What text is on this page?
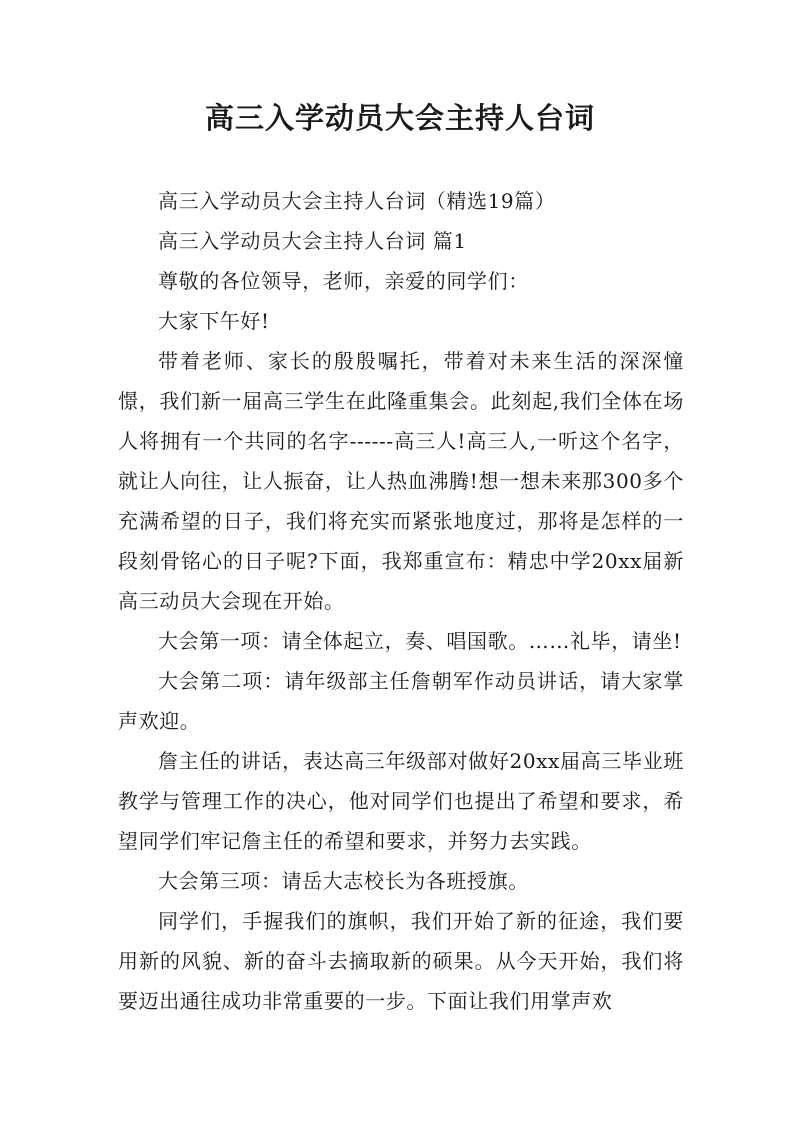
高三入学动员大会主持人台词

高三入学动员大会主持人台词（精选19篇）

高三入学动员大会主持人台词 篇1

尊敬的各位领导，老师，亲爱的同学们：

大家下午好!

带着老师、家长的殷殷嘱托，带着对未来生活的深深憧憬，我们新一届高三学生在此隆重集会。此刻起,我们全体在场人将拥有一个共同的名字------高三人!高三人,一听这个名字，就让人向往，让人振奋，让人热血沸腾!想一想未来那300多个充满希望的日子，我们将充实而紧张地度过，那将是怎样的一段刻骨铭心的日子呢?下面，我郑重宣布：精忠中学20xx届新高三动员大会现在开始。

大会第一项：请全体起立，奏、唱国歌。……礼毕，请坐!

大会第二项：请年级部主任詹朝军作动员讲话，请大家掌声欢迎。

詹主任的讲话，表达高三年级部对做好20xx届高三毕业班教学与管理工作的决心，他对同学们也提出了希望和要求，希望同学们牢记詹主任的希望和要求，并努力去实践。

大会第三项：请岳大志校长为各班授旗。

同学们，手握我们的旗帜，我们开始了新的征途，我们要用新的风貌、新的奋斗去摘取新的硕果。从今天开始，我们将要迈出通往成功非常重要的一步。下面让我们用掌声欢
